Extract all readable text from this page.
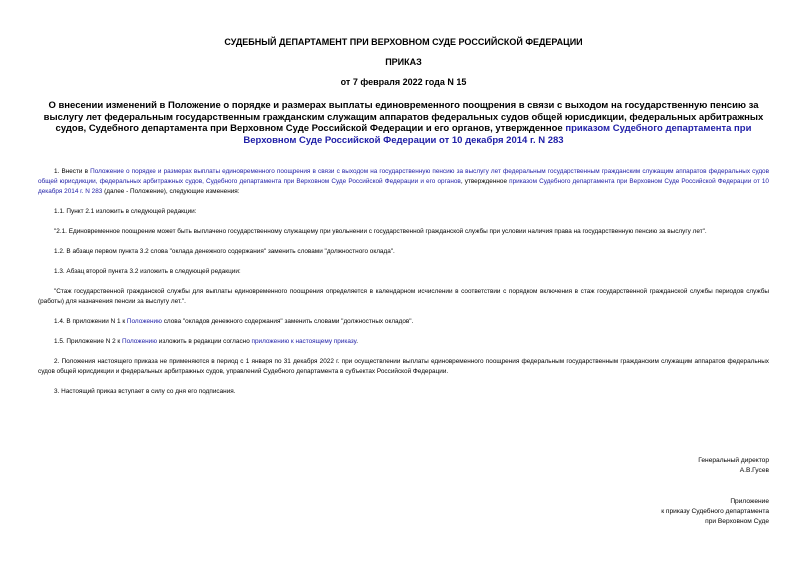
СУДЕБНЫЙ ДЕПАРТАМЕНТ ПРИ ВЕРХОВНОМ СУДЕ РОССИЙСКОЙ ФЕДЕРАЦИИ

ПРИКАЗ

от 7 февраля 2022 года N 15

О внесении изменений в Положение о порядке и размерах выплаты единовременного поощрения в связи с выходом на государственную пенсию за выслугу лет федеральным государственным гражданским служащим аппаратов федеральных судов общей юрисдикции, федеральных арбитражных судов, Судебного департамента при Верховном Суде Российской Федерации и его органов, утвержденное приказом Судебного департамента при Верховном Суде Российской Федерации от 10 декабря 2014 г. N 283

1. Внести в Положение о порядке и размерах выплаты единовременного поощрения в связи с выходом на государственную пенсию за выслугу лет федеральным государственным гражданским служащим аппаратов федеральных судов общей юрисдикции, федеральных арбитражных судов, Судебного департамента при Верховном Суде Российской Федерации и его органов, утвержденное приказом Судебного департамента при Верховном Суде Российской Федерации от 10 декабря 2014 г. N 283 (далее - Положение), следующие изменения:

1.1. Пункт 2.1 изложить в следующей редакции:

"2.1. Единовременное поощрение может быть выплачено государственному служащему при увольнении с государственной гражданской службы при условии наличия права на государственную пенсию за выслугу лет".

1.2. В абзаце первом пункта 3.2 слова "оклада денежного содержания" заменить словами "должностного оклада".

1.3. Абзац второй пункта 3.2 изложить в следующей редакции:

"Стаж государственной гражданской службы для выплаты единовременного поощрения определяется в календарном исчислении в соответствии с порядком включения в стаж государственной гражданской службы периодов службы (работы) для назначения пенсии за выслугу лет.".

1.4. В приложении N 1 к Положению слова "окладов денежного содержания" заменить словами "должностных окладов".

1.5. Приложение N 2 к Положению изложить в редакции согласно приложению к настоящему приказу.

2. Положения настоящего приказа не применяются в период с 1 января по 31 декабря 2022 г. при осуществлении выплаты единовременного поощрения федеральным государственным гражданским служащим аппаратов федеральных судов общей юрисдикции и федеральных арбитражных судов, управлений Судебного департамента в субъектах Российской Федерации.

3. Настоящий приказ вступает в силу со дня его подписания.

Генеральный директор
А.В.Гусев
Приложение
к приказу Судебного департамента
при Верховном Суде
